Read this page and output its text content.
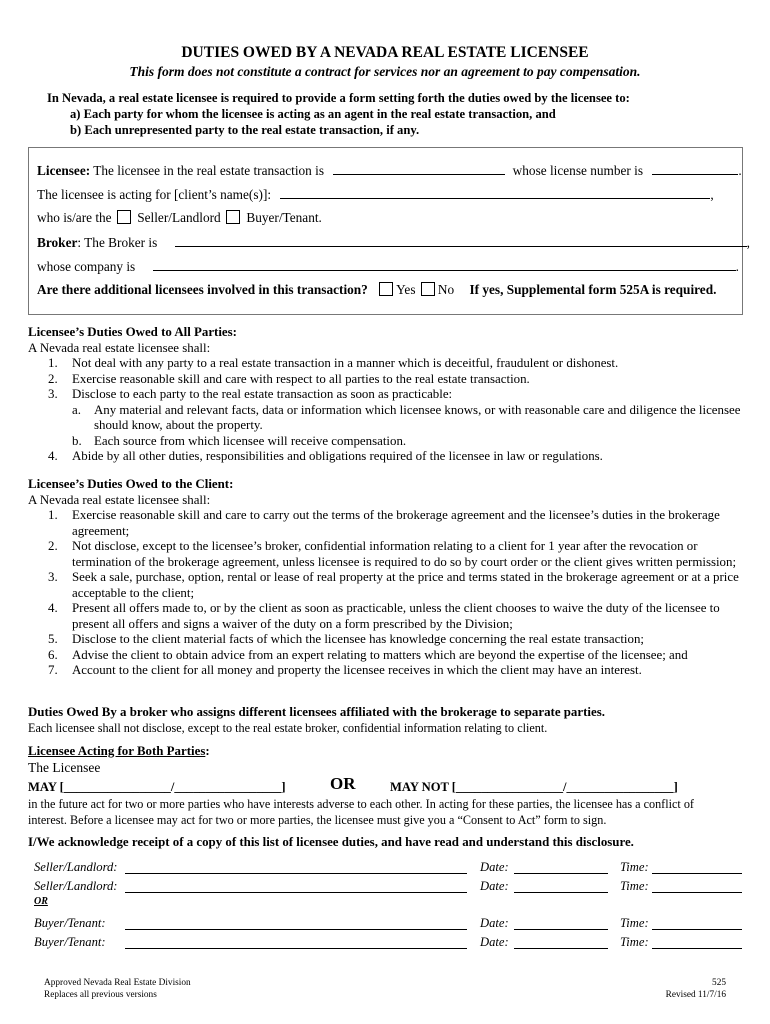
DUTIES OWED BY A NEVADA REAL ESTATE LICENSEE
This form does not constitute a contract for services nor an agreement to pay compensation.
In Nevada, a real estate licensee is required to provide a form setting forth the duties owed by the licensee to:
a) Each party for whom the licensee is acting as an agent in the real estate transaction, and
b) Each unrepresented party to the real estate transaction, if any.
Licensee: The licensee in the real estate transaction is	whose license number is	.
The licensee is acting for [client’s name(s)]:	,
who is/are the Seller/Landlord Buyer/Tenant.
Broker: The Broker is	,
whose company is	.
Are there additional licensees involved in this transaction? Yes No If yes, Supplemental form 525A is required.
Licensee’s Duties Owed to All Parties:
A Nevada real estate licensee shall:
1. Not deal with any party to a real estate transaction in a manner which is deceitful, fraudulent or dishonest.
2. Exercise reasonable skill and care with respect to all parties to the real estate transaction.
3. Disclose to each party to the real estate transaction as soon as practicable:
a. Any material and relevant facts, data or information which licensee knows, or with reasonable care and diligence the licensee should know, about the property.
b. Each source from which licensee will receive compensation.
4. Abide by all other duties, responsibilities and obligations required of the licensee in law or regulations.
Licensee’s Duties Owed to the Client:
A Nevada real estate licensee shall:
1. Exercise reasonable skill and care to carry out the terms of the brokerage agreement and the licensee’s duties in the brokerage agreement;
2. Not disclose, except to the licensee’s broker, confidential information relating to a client for 1 year after the revocation or termination of the brokerage agreement, unless licensee is required to do so by court order or the client gives written permission;
3. Seek a sale, purchase, option, rental or lease of real property at the price and terms stated in the brokerage agreement or at a price acceptable to the client;
4. Present all offers made to, or by the client as soon as practicable, unless the client chooses to waive the duty of the licensee to present all offers and signs a waiver of the duty on a form prescribed by the Division;
5. Disclose to the client material facts of which the licensee has knowledge concerning the real estate transaction;
6. Advise the client to obtain advice from an expert relating to matters which are beyond the expertise of the licensee; and
7. Account to the client for all money and property the licensee receives in which the client may have an interest.
Duties Owed By a broker who assigns different licensees affiliated with the brokerage to separate parties.
Each licensee shall not disclose, except to the real estate broker, confidential information relating to client.
Licensee Acting for Both Parties:
The Licensee
MAY [_________________/_________________]	OR	MAY NOT [_________________/_________________]
in the future act for two or more parties who have interests adverse to each other. In acting for these parties, the licensee has a conflict of
interest. Before a licensee may act for two or more parties, the licensee must give you a “Consent to Act” form to sign.
I/We acknowledge receipt of a copy of this list of licensee duties, and have read and understand this disclosure.
Seller/Landlord:	Date:	Time:
Seller/Landlord:	Date:	Time:
OR
Buyer/Tenant:	Date:	Time:
Buyer/Tenant:	Date:	Time:
Approved Nevada Real Estate Division
Replaces all previous versions
525
Revised 11/7/16
